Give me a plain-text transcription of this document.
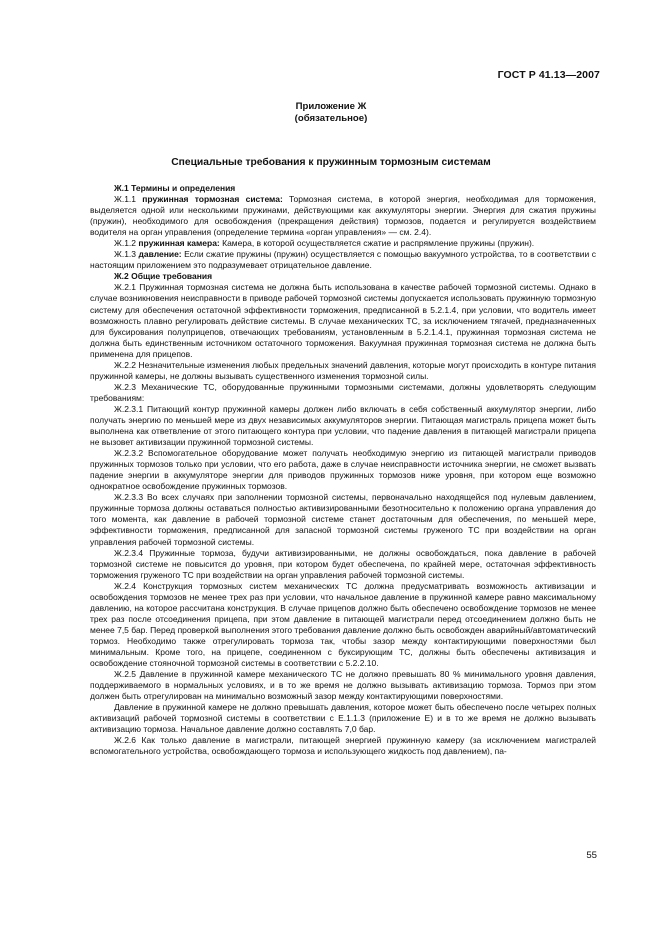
ГОСТ Р 41.13—2007
Приложение Ж
(обязательное)
Специальные требования к пружинным тормозным системам

Ж.1 Термины и определения

Ж.1.1 пружинная тормозная система: Тормозная система, в которой энергия, необходимая для торможения, выделяется одной или несколькими пружинами, действующими как аккумуляторы энергии. Энергия для сжатия пружины (пружин), необходимого для освобождения (прекращения действия) тормозов, подается и регулируется воздействием водителя на орган управления (определение термина «орган управления» — см. 2.4).

Ж.1.2 пружинная камера: Камера, в которой осуществляется сжатие и распрямление пружины (пружин).

Ж.1.3 давление: Если сжатие пружины (пружин) осуществляется с помощью вакуумного устройства, то в соответствии с настоящим приложением это подразумевает отрицательное давление.

Ж.2 Общие требования

Ж.2.1 Пружинная тормозная система не должна быть использована в качестве рабочей тормозной системы. Однако в случае возникновения неисправности в приводе рабочей тормозной системы допускается использовать пружинную тормозную систему для обеспечения остаточной эффективности торможения, предписанной в 5.2.1.4, при условии, что водитель имеет возможность плавно регулировать действие системы. В случае механических ТС, за исключением тягачей, предназначенных для буксирования полуприцепов, отвечающих требованиям, установленным в 5.2.1.4.1, пружинная тормозная система не должна быть единственным источником остаточного торможения. Вакуумная пружинная тормозная система не должна быть применена для прицепов.

Ж.2.2 Незначительные изменения любых предельных значений давления, которые могут происходить в контуре питания пружинной камеры, не должны вызывать существенного изменения тормозной силы.

Ж.2.3 Механические ТС, оборудованные пружинными тормозными системами, должны удовлетворять следующим требованиям:

Ж.2.3.1 Питающий контур пружинной камеры должен либо включать в себя собственный аккумулятор энергии, либо получать энергию по меньшей мере из двух независимых аккумуляторов энергии. Питающая магистраль прицепа может быть выполнена как ответвление от этого питающего контура при условии, что падение давления в питающей магистрали прицепа не вызовет активизации пружинной тормозной системы.

Ж.2.3.2 Вспомогательное оборудование может получать необходимую энергию из питающей магистрали приводов пружинных тормозов только при условии, что его работа, даже в случае неисправности источника энергии, не сможет вызвать падение энергии в аккумуляторе энергии для приводов пружинных тормозов ниже уровня, при котором еще возможно однократное освобождение пружинных тормозов.

Ж.2.3.3 Во всех случаях при заполнении тормозной системы, первоначально находящейся под нулевым давлением, пружинные тормоза должны оставаться полностью активизированными безотносительно к положению органа управления до того момента, как давление в рабочей тормозной системе станет достаточным для обеспечения, по меньшей мере, эффективности торможения, предписанной для запасной тормозной системы груженого ТС при воздействии на орган управления рабочей тормозной системы.

Ж.2.3.4 Пружинные тормоза, будучи активизированными, не должны освобождаться, пока давление в рабочей тормозной системе не повысится до уровня, при котором будет обеспечена, по крайней мере, остаточная эффективность торможения груженого ТС при воздействии на орган управления рабочей тормозной системы.

Ж.2.4 Конструкция тормозных систем механических ТС должна предусматривать возможность активизации и освобождения тормозов не менее трех раз при условии, что начальное давление в пружинной камере равно максимальному давлению, на которое рассчитана конструкция. В случае прицепов должно быть обеспечено освобождение тормозов не менее трех раз после отсоединения прицепа, при этом давление в питающей магистрали перед отсоединением должно быть не менее 7,5 бар. Перед проверкой выполнения этого требования давление должно быть освобожден аварийный/автоматический тормоз. Необходимо также отрегулировать тормоза так, чтобы зазор между контактирующими поверхностями был минимальным. Кроме того, на прицепе, соединенном с буксирующим ТС, должны быть обеспечены активизация и освобождение стояночной тормозной системы в соответствии с 5.2.2.10.

Ж.2.5 Давление в пружинной камере механического ТС не должно превышать 80 % минимального уровня давления, поддерживаемого в нормальных условиях, и в то же время не должно вызывать активизацию тормоза. Тормоз при этом должен быть отрегулирован на минимально возможный зазор между контактирующими поверхностями.

Давление в пружинной камере не должно превышать давления, которое может быть обеспечено после четырех полных активизаций рабочей тормозной системы в соответствии с Е.1.1.3 (приложение Е) и в то же время не должно вызывать активизацию тормоза. Начальное давление должно составлять 7,0 бар.

Ж.2.6 Как только давление в магистрали, питающей энергией пружинную камеру (за исключением магистралей вспомогательного устройства, освобождающего тормоза и использующего жидкость под давлением), па-

55
